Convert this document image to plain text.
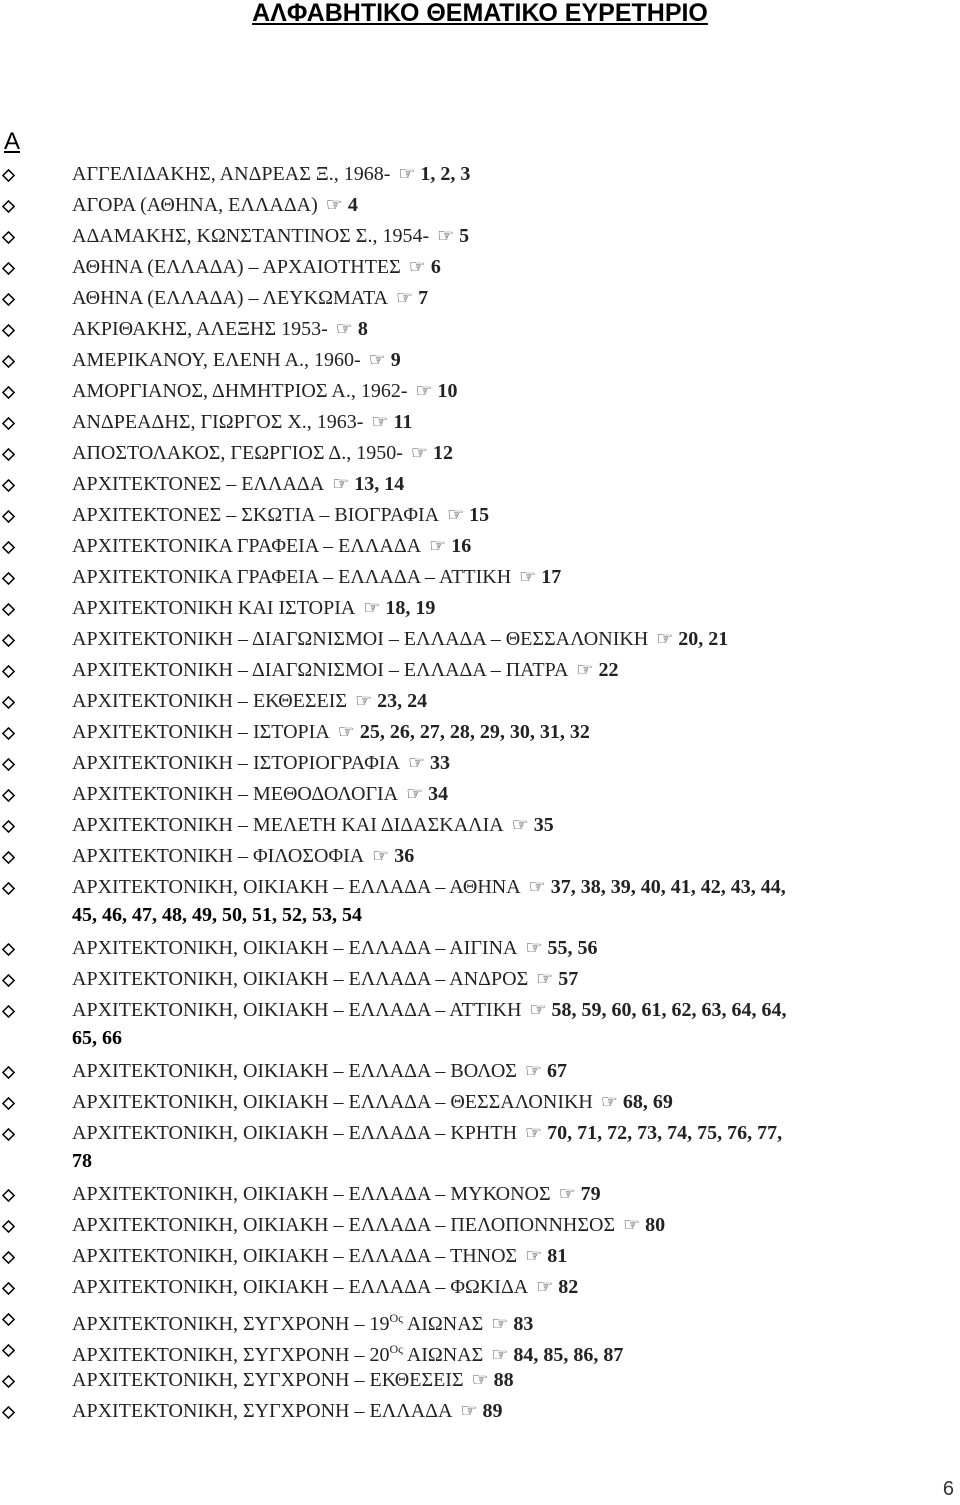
ΑΛΦΑΒΗΤΙΚΟ ΘΕΜΑΤΙΚΟ ΕΥΡΕΤΗΡΙΟ
Α
ΑΓΓΕΛΙΔΑΚΗΣ, ΑΝΔΡΕΑΣ Ξ., 1968- ☞ 1, 2, 3
ΑΓΟΡΑ (ΑΘΗΝΑ, ΕΛΛΑΔΑ) ☞ 4
ΑΔΑΜΑΚΗΣ, ΚΩΝΣΤΑΝΤΙΝΟΣ Σ., 1954- ☞ 5
ΑΘΗΝΑ (ΕΛΛΑΔΑ) – ΑΡΧΑΙΟΤΗΤΕΣ ☞ 6
ΑΘΗΝΑ (ΕΛΛΑΔΑ) – ΛΕΥΚΩΜΑΤΑ ☞ 7
ΑΚΡΙΘΑΚΗΣ, ΑΛΕΞΗΣ 1953- ☞ 8
ΑΜΕΡΙΚΑΝΟΥ, ΕΛΕΝΗ Α., 1960- ☞ 9
ΑΜΟΡΓΙΑΝΟΣ, ΔΗΜΗΤΡΙΟΣ Α., 1962- ☞ 10
ΑΝΔΡΕΑΔΗΣ, ΓΙΩΡΓΟΣ Χ., 1963- ☞ 11
ΑΠΟΣΤΟΛΑΚΟΣ, ΓΕΩΡΓΙΟΣ Δ., 1950- ☞ 12
ΑΡΧΙΤΕΚΤΟΝΕΣ – ΕΛΛΑΔΑ ☞ 13, 14
ΑΡΧΙΤΕΚΤΟΝΕΣ – ΣΚΩΤΙΑ – ΒΙΟΓΡΑΦΙΑ ☞ 15
ΑΡΧΙΤΕΚΤΟΝΙΚΑ ΓΡΑΦΕΙΑ – ΕΛΛΑΔΑ ☞ 16
ΑΡΧΙΤΕΚΤΟΝΙΚΑ ΓΡΑΦΕΙΑ – ΕΛΛΑΔΑ – ΑΤΤΙΚΗ ☞ 17
ΑΡΧΙΤΕΚΤΟΝΙΚΗ ΚΑΙ ΙΣΤΟΡΙΑ ☞ 18, 19
ΑΡΧΙΤΕΚΤΟΝΙΚΗ – ΔΙΑΓΩΝΙΣΜΟΙ – ΕΛΛΑΔΑ – ΘΕΣΣΑΛΟΝΙΚΗ ☞ 20, 21
ΑΡΧΙΤΕΚΤΟΝΙΚΗ – ΔΙΑΓΩΝΙΣΜΟΙ – ΕΛΛΑΔΑ – ΠΑΤΡΑ ☞ 22
ΑΡΧΙΤΕΚΤΟΝΙΚΗ – ΕΚΘΕΣΕΙΣ ☞ 23, 24
ΑΡΧΙΤΕΚΤΟΝΙΚΗ – ΙΣΤΟΡΙΑ ☞ 25, 26, 27, 28, 29, 30, 31, 32
ΑΡΧΙΤΕΚΤΟΝΙΚΗ – ΙΣΤΟΡΙΟΓΡΑΦΙΑ ☞ 33
ΑΡΧΙΤΕΚΤΟΝΙΚΗ – ΜΕΘΟΔΟΛΟΓΙΑ ☞ 34
ΑΡΧΙΤΕΚΤΟΝΙΚΗ – ΜΕΛΕΤΗ ΚΑΙ ΔΙΔΑΣΚΑΛΙΑ ☞ 35
ΑΡΧΙΤΕΚΤΟΝΙΚΗ – ΦΙΛΟΣΟΦΙΑ ☞ 36
ΑΡΧΙΤΕΚΤΟΝΙΚΗ, ΟΙΚΙΑΚΗ – ΕΛΛΑΔΑ – ΑΘΗΝΑ ☞ 37, 38, 39, 40, 41, 42, 43, 44,
45, 46, 47, 48, 49, 50, 51, 52, 53, 54
ΑΡΧΙΤΕΚΤΟΝΙΚΗ, ΟΙΚΙΑΚΗ – ΕΛΛΑΔΑ – ΑΙΓΙΝΑ ☞ 55, 56
ΑΡΧΙΤΕΚΤΟΝΙΚΗ, ΟΙΚΙΑΚΗ – ΕΛΛΑΔΑ – ΑΝΔΡΟΣ ☞ 57
ΑΡΧΙΤΕΚΤΟΝΙΚΗ, ΟΙΚΙΑΚΗ – ΕΛΛΑΔΑ – ΑΤΤΙΚΗ ☞ 58, 59, 60, 61, 62, 63, 64, 64,
65, 66
ΑΡΧΙΤΕΚΤΟΝΙΚΗ, ΟΙΚΙΑΚΗ – ΕΛΛΑΔΑ – ΒΟΛΟΣ ☞ 67
ΑΡΧΙΤΕΚΤΟΝΙΚΗ, ΟΙΚΙΑΚΗ – ΕΛΛΑΔΑ – ΘΕΣΣΑΛΟΝΙΚΗ ☞ 68, 69
ΑΡΧΙΤΕΚΤΟΝΙΚΗ, ΟΙΚΙΑΚΗ – ΕΛΛΑΔΑ – ΚΡΗΤΗ ☞ 70, 71, 72, 73, 74, 75, 76, 77,
78
ΑΡΧΙΤΕΚΤΟΝΙΚΗ, ΟΙΚΙΑΚΗ – ΕΛΛΑΔΑ – ΜΥΚΟΝΟΣ ☞ 79
ΑΡΧΙΤΕΚΤΟΝΙΚΗ, ΟΙΚΙΑΚΗ – ΕΛΛΑΔΑ – ΠΕΛΟΠΟΝΝΗΣΟΣ ☞ 80
ΑΡΧΙΤΕΚΤΟΝΙΚΗ, ΟΙΚΙΑΚΗ – ΕΛΛΑΔΑ – ΤΗΝΟΣ ☞ 81
ΑΡΧΙΤΕΚΤΟΝΙΚΗ, ΟΙΚΙΑΚΗ – ΕΛΛΑΔΑ – ΦΩΚΙΔΑ ☞ 82
ΑΡΧΙΤΕΚΤΟΝΙΚΗ, ΣΥΓΧΡΟΝΗ – $19^{O\varsigma}$ ΑΙΩΝΑΣ ☞ 83
ΑΡΧΙΤΕΚΤΟΝΙΚΗ, ΣΥΓΧΡΟΝΗ – $20^{O\varsigma}$ ΑΙΩΝΑΣ ☞ 84, 85, 86, 87
ΑΡΧΙΤΕΚΤΟΝΙΚΗ, ΣΥΓΧΡΟΝΗ – ΕΚΘΕΣΕΙΣ ☞ 88
ΑΡΧΙΤΕΚΤΟΝΙΚΗ, ΣΥΓΧΡΟΝΗ – ΕΛΛΑΔΑ ☞ 89
6
